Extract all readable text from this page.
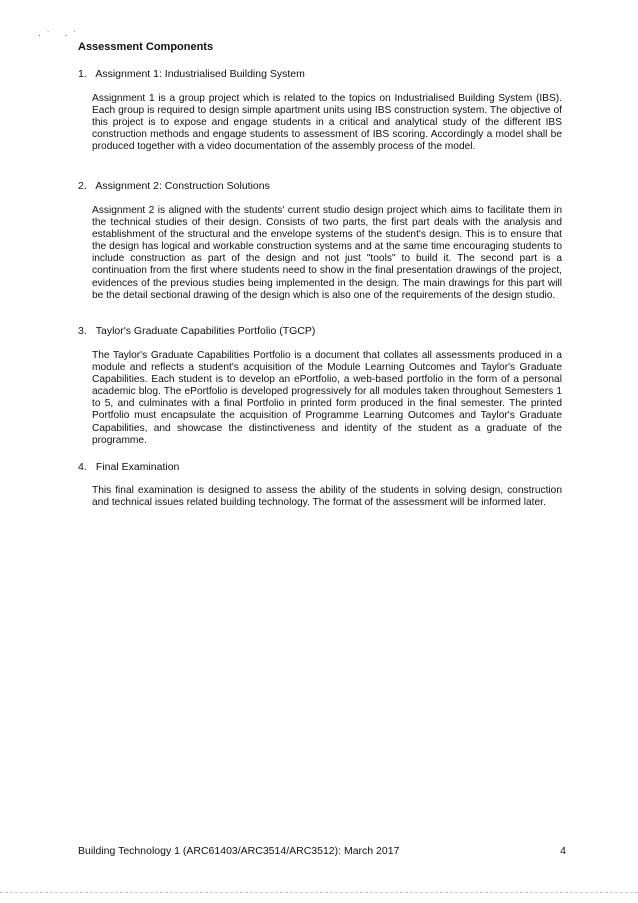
·˙ ·˙
Assessment Components
1. Assignment 1: Industrialised Building System

Assignment 1 is a group project which is related to the topics on Industrialised Building System (IBS). Each group is required to design simple apartment units using IBS construction system. The objective of this project is to expose and engage students in a critical and analytical study of the different IBS construction methods and engage students to assessment of IBS scoring. Accordingly a model shall be produced together with a video documentation of the assembly process of the model.

2. Assignment 2: Construction Solutions

Assignment 2 is aligned with the students' current studio design project which aims to facilitate them in the technical studies of their design. Consists of two parts, the first part deals with the analysis and establishment of the structural and the envelope systems of the student's design. This is to ensure that the design has logical and workable construction systems and at the same time encouraging students to include construction as part of the design and not just "tools" to build it. The second part is a continuation from the first where students need to show in the final presentation drawings of the project, evidences of the previous studies being implemented in the design. The main drawings for this part will be the detail sectional drawing of the design which is also one of the requirements of the design studio.

3. Taylor's Graduate Capabilities Portfolio (TGCP)

The Taylor's Graduate Capabilities Portfolio is a document that collates all assessments produced in a module and reflects a student's acquisition of the Module Learning Outcomes and Taylor's Graduate Capabilities. Each student is to develop an ePortfolio, a web-based portfolio in the form of a personal academic blog. The ePortfolio is developed progressively for all modules taken throughout Semesters 1 to 5, and culminates with a final Portfolio in printed form produced in the final semester. The printed Portfolio must encapsulate the acquisition of Programme Learning Outcomes and Taylor's Graduate Capabilities, and showcase the distinctiveness and identity of the student as a graduate of the programme.

4. Final Examination

This final examination is designed to assess the ability of the students in solving design, construction and technical issues related building technology. The format of the assessment will be informed later.

Building Technology 1 (ARC61403/ARC3514/ARC3512): March 2017	4
